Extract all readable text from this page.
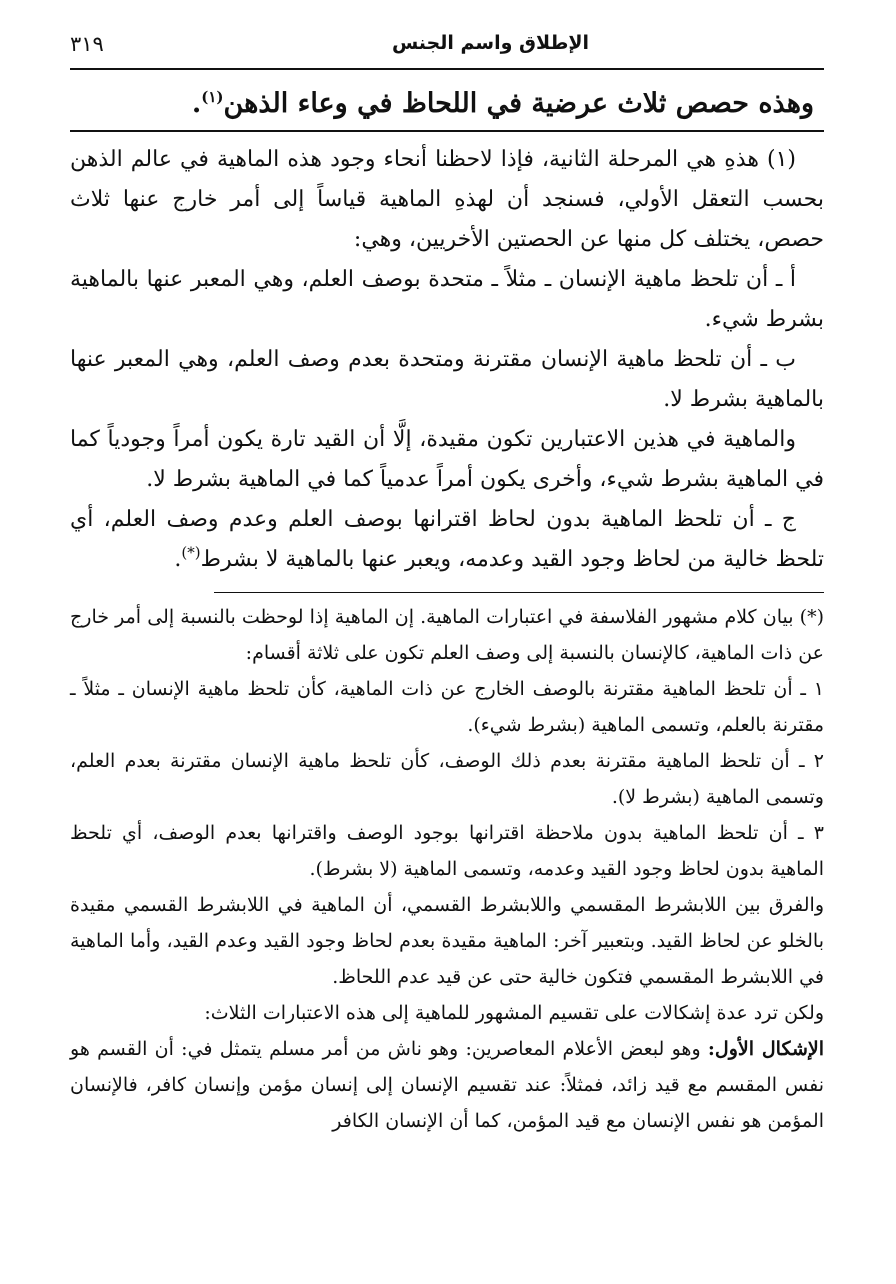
الإطلاق واسم الجنس
٣١٩
وهذه حصص ثلاث عرضية في اللحاظ في وعاء الذهن$^{(١)}$.

(١) هذهِ هي المرحلة الثانية، فإذا لاحظنا أنحاء وجود هذه الماهية في عالم الذهن بحسب التعقل الأولي، فسنجد أن لهذهِ الماهية قياساً إلى أمر خارج عنها ثلاث حصص، يختلف كل منها عن الحصتين الأخريين، وهي:

أ ـ أن تلحظ ماهية الإنسان ـ مثلاً ـ متحدة بوصف العلم، وهي المعبر عنها بالماهية بشرط شيء.

ب ـ أن تلحظ ماهية الإنسان مقترنة ومتحدة بعدم وصف العلم، وهي المعبر عنها بالماهية بشرط لا.

والماهية في هذين الاعتبارين تكون مقيدة، إلَّا أن القيد تارة يكون أمراً وجودياً كما في الماهية بشرط شيء، وأخرى يكون أمراً عدمياً كما في الماهية بشرط لا.

ج ـ أن تلحظ الماهية بدون لحاظ اقترانها بوصف العلم وعدم وصف العلم، أي تلحظ خالية من لحاظ وجود القيد وعدمه، ويعبر عنها بالماهية لا بشرط(*).

(*) بيان كلام مشهور الفلاسفة في اعتبارات الماهية. إن الماهية إذا لوحظت بالنسبة إلى أمر خارج عن ذات الماهية، كالإنسان بالنسبة إلى وصف العلم تكون على ثلاثة أقسام:

١ ـ أن تلحظ الماهية مقترنة بالوصف الخارج عن ذات الماهية، كأن تلحظ ماهية الإنسان ـ مثلاً ـ مقترنة بالعلم، وتسمى الماهية (بشرط شيء).

٢ ـ أن تلحظ الماهية مقترنة بعدم ذلك الوصف، كأن تلحظ ماهية الإنسان مقترنة بعدم العلم، وتسمى الماهية (بشرط لا).

٣ ـ أن تلحظ الماهية بدون ملاحظة اقترانها بوجود الوصف واقترانها بعدم الوصف، أي تلحظ الماهية بدون لحاظ وجود القيد وعدمه، وتسمى الماهية (لا بشرط).

والفرق بين اللابشرط المقسمي واللابشرط القسمي، أن الماهية في اللابشرط القسمي مقيدة بالخلو عن لحاظ القيد. وبتعبير آخر: الماهية مقيدة بعدم لحاظ وجود القيد وعدم القيد، وأما الماهية في اللابشرط المقسمي فتكون خالية حتى عن قيد عدم اللحاظ.

ولكن ترد عدة إشكالات على تقسيم المشهور للماهية إلى هذه الاعتبارات الثلاث:

الإشكال الأول: وهو لبعض الأعلام المعاصرين: وهو ناش من أمر مسلم يتمثل في: أن القسم هو نفس المقسم مع قيد زائد، فمثلاً: عند تقسيم الإنسان إلى إنسان مؤمن وإنسان كافر، فالإنسان المؤمن هو نفس الإنسان مع قيد المؤمن، كما أن الإنسان الكافر
